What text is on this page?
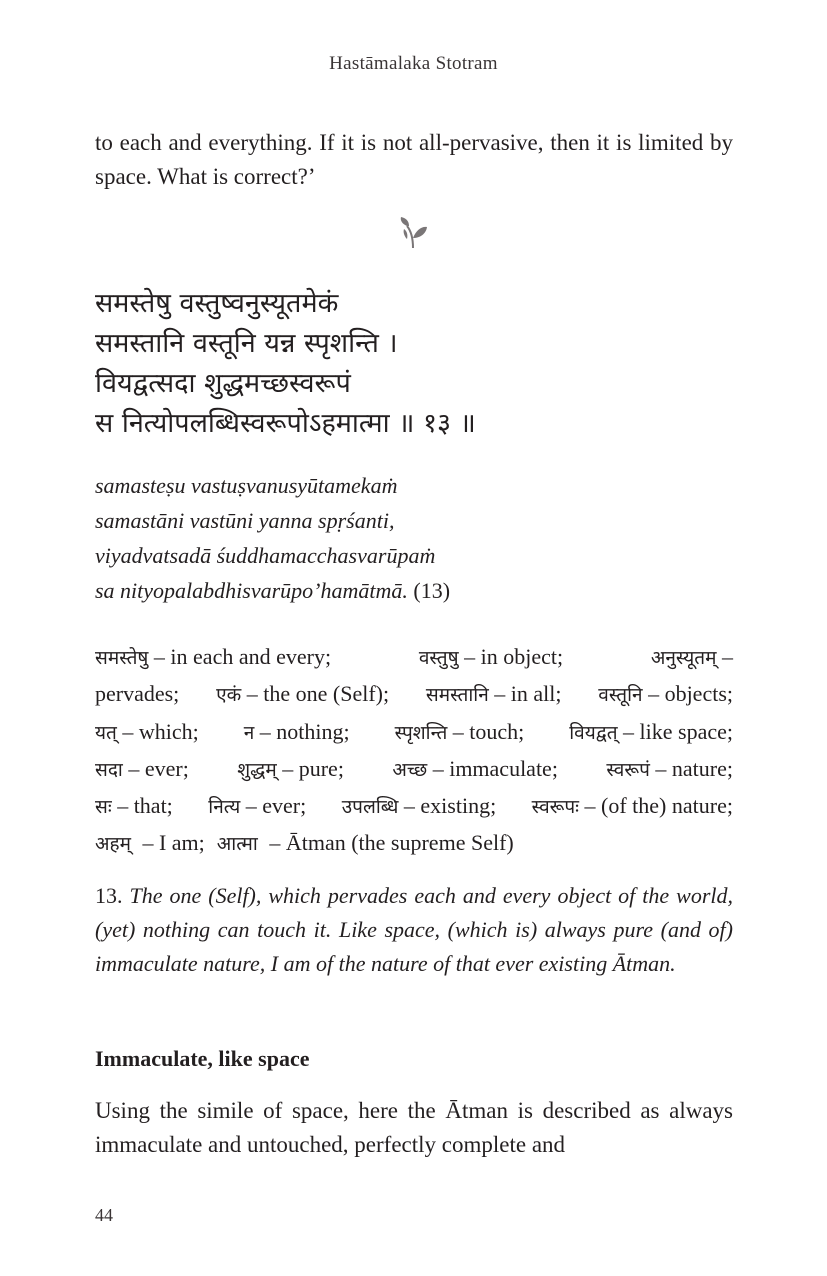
Hastāmalaka Stotram

to each and everything. If it is not all-pervasive, then it is limited by space. What is correct?’

समस्तेषु वस्तुष्वनुस्यूतमेकं
समस्तानि वस्तूनि यन्न स्पृशन्ति ।
वियद्वत्सदा शुद्धमच्छस्वरूपं
स नित्योपलब्धिस्वरूपोऽहमात्मा ॥ १३ ॥
samasteṣu vastuṣvanusyūtamekaṁ
samastāni vastūni yanna spṛśanti,
viyadvatsadā śuddhamacchasvarūpaṁ
sa nityopalabdhisvarūpo’hamātmā. (13)
समस्तेषु – in each and every;	वस्तुषु – in object;	अनुस्यूतम् –
pervades; एकं – the one (Self); समस्तानि – in all; वस्तूनि – objects;
यत् – which; न – nothing; स्पृशन्ति – touch; वियद्वत् – like space;
सदा – ever;	शुद्धम् – pure;	अच्छ – immaculate;	स्वरूपं – nature;
सः – that; नित्य – ever; उपलब्धि – existing; स्वरूपः – (of the) nature;
अहम् – I am; आत्मा – Ātman (the supreme Self)

13. The one (Self), which pervades each and every object of the world, (yet) nothing can touch it. Like space, (which is) always pure (and of) immaculate nature, I am of the nature of that ever existing Ātman.

Immaculate, like space

Using the simile of space, here the Ātman is described as always immaculate and untouched, perfectly complete and

44
